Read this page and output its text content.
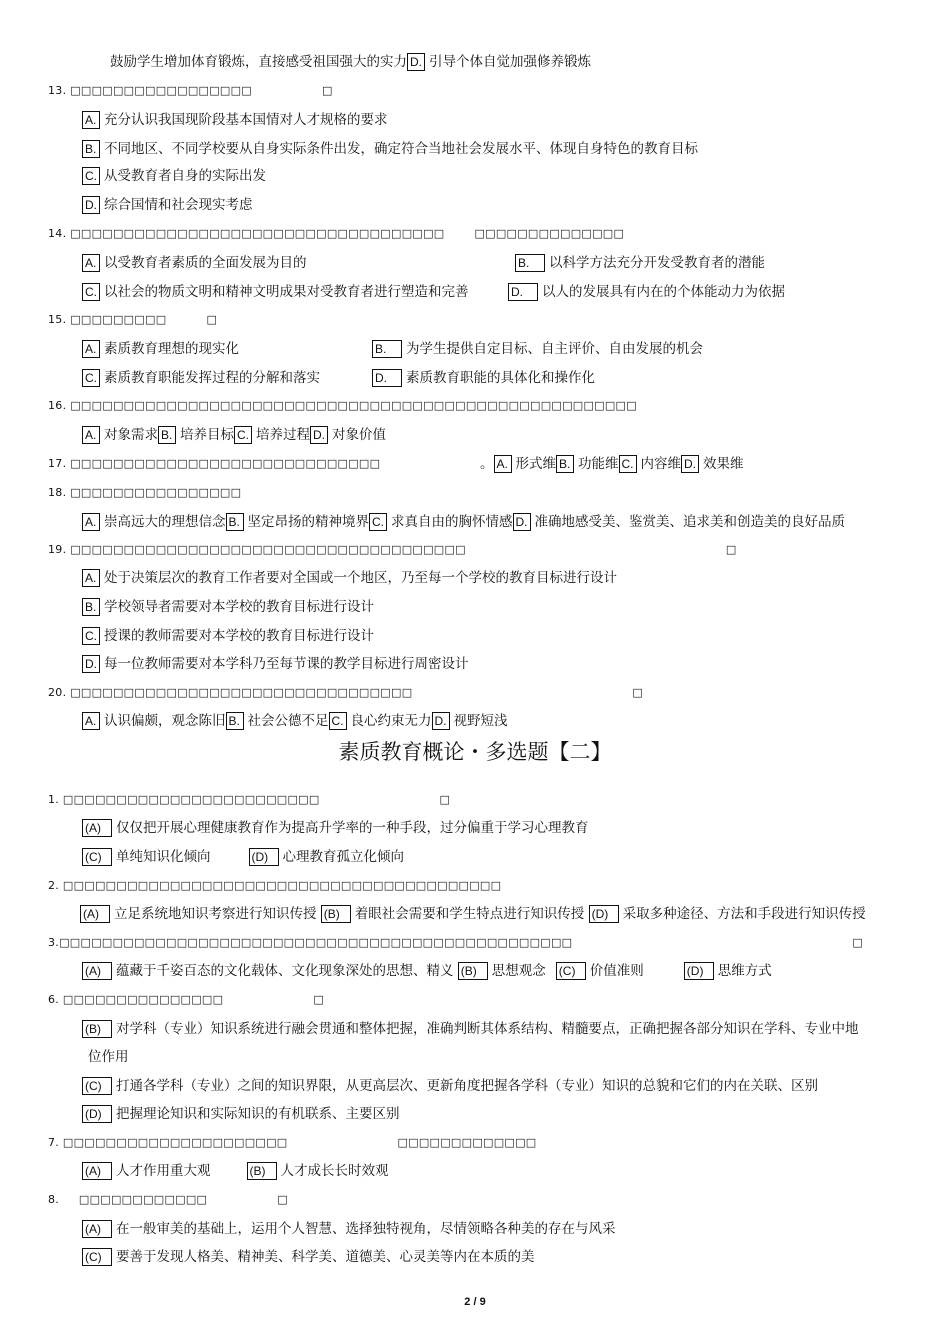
鼓励学生增加体育锻炼，直接感受祖国强大的实力 D. 引导个体自觉加强修养锻炼
13. □□□□□□□□□□□□□□□□□	□
A. 充分认识我国现阶段基本国情对人才规格的要求
B. 不同地区、不同学校要从自身实际条件出发，确定符合当地社会发展水平、体现自身特色的教育目标
C. 从受教育者自身的实际出发
D. 综合国情和社会现实考虑
14. □□□□□□□□□□□□□□□□□□□□□□□□□□□□□□□□□□□	□□□□□□□□□□□□□□
A. 以受教育者素质的全面发展为目的	B. 以科学方法充分开发受教育者的潜能
C. 以社会的物质文明和精神文明成果对受教育者进行塑造和完善	D. 以人的发展具有内在的个体能动力为依据
15. □□□□□□□□□	□
A. 素质教育理想的现实化	B. 为学生提供自定目标、自主评价、自由发展的机会
C. 素质教育职能发挥过程的分解和落实	D. 素质教育职能的具体化和操作化
16. □□□□□□□□□□□□□□□□□□□□□□□□□□□□□□□□□□□□□□□□□□□□□□□□□□□□□
A. 对象需求 B. 培养目标 C. 培养过程 D. 对象价值
17. □□□□□□□□□□□□□□□□□□□□□□□□□□□□□	。 A. 形式维 B. 功能维 C. 内容维 D. 效果维
18. □□□□□□□□□□□□□□□□
A. 崇高远大的理想信念 B. 坚定昂扬的精神境界 C. 求真自由的胸怀情感 D. 准确地感受美、鉴赏美、追求美和创造美的良好品质
19. □□□□□□□□□□□□□□□□□□□□□□□□□□□□□□□□□□□□□	□
A. 处于决策层次的教育工作者要对全国或一个地区，乃至每一个学校的教育目标进行设计
B. 学校领导者需要对本学校的教育目标进行设计
C. 授课的教师需要对本学校的教育目标进行设计
D. 每一位教师需要对本学科乃至每节课的教学目标进行周密设计
20. □□□□□□□□□□□□□□□□□□□□□□□□□□□□□□□□	□
A. 认识偏颇，观念陈旧 B. 社会公德不足 C. 良心约束无力 D. 视野短浅
素质教育概论・多选题【二】
1. □□□□□□□□□□□□□□□□□□□□□□□□	□
(A) 仅仅把开展心理健康教育作为提高升学率的一种手段，过分偏重于学习心理教育
(C) 单纯知识化倾向	(D) 心理教育孤立化倾向
2. □□□□□□□□□□□□□□□□□□□□□□□□□□□□□□□□□□□□□□□□□
(A) 立足系统地知识考察进行知识传授 (B) 着眼社会需要和学生特点进行知识传授 (D) 采取多种途径、方法和手段进行知识传授
3.□□□□□□□□□□□□□□□□□□□□□□□□□□□□□□□□□□□□□□□□□□□□□□□□	□
(A) 蕴藏于千姿百态的文化载体、文化现象深处的思想、精义 (B) 思想观念 (C) 价值准则	(D) 思维方式
6. □□□□□□□□□□□□□□□	□
(B) 对学科（专业）知识系统进行融会贯通和整体把握，准确判断其体系结构、精髓要点，正确把握各部分知识在学科、专业中地
位作用
(C) 打通各学科（专业）之间的知识界限，从更高层次、更新角度把握各学科（专业）知识的总貌和它们的内在关联、区别
(D) 把握理论知识和实际知识的有机联系、主要区别
7. □□□□□□□□□□□□□□□□□□□□□	□□□□□□□□□□□□□
(A) 人才作用重大观	(B) 人才成长长时效观
8. □□□□□□□□□□□□	□
(A) 在一般审美的基础上，运用个人智慧、选择独特视角，尽情领略各种美的存在与风采
(C) 要善于发现人格美、精神美、科学美、道德美、心灵美等内在本质的美
2 / 9
